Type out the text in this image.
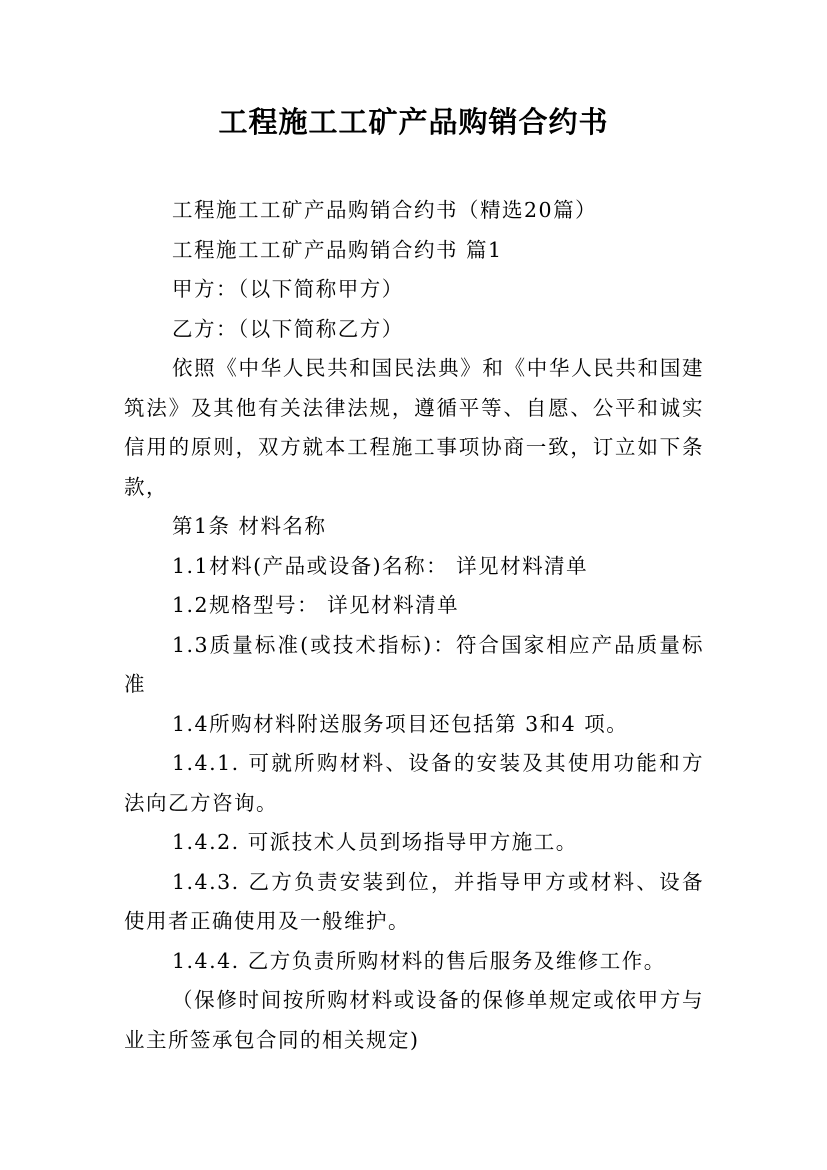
工程施工工矿产品购销合约书

工程施工工矿产品购销合约书（精选20篇）

工程施工工矿产品购销合约书 篇1

甲方：（以下简称甲方）

乙方：（以下简称乙方）

依照《中华人民共和国民法典》和《中华人民共和国建筑法》及其他有关法律法规，遵循平等、自愿、公平和诚实信用的原则，双方就本工程施工事项协商一致，订立如下条款，

第1条 材料名称

1.1材料(产品或设备)名称： 详见材料清单

1.2规格型号： 详见材料清单

1.3质量标准(或技术指标)：符合国家相应产品质量标准

1.4所购材料附送服务项目还包括第 3和4 项。

1.4.1. 可就所购材料、设备的安装及其使用功能和方法向乙方咨询。

1.4.2. 可派技术人员到场指导甲方施工。

1.4.3. 乙方负责安装到位，并指导甲方或材料、设备使用者正确使用及一般维护。

1.4.4. 乙方负责所购材料的售后服务及维修工作。

（保修时间按所购材料或设备的保修单规定或依甲方与业主所签承包合同的相关规定)
